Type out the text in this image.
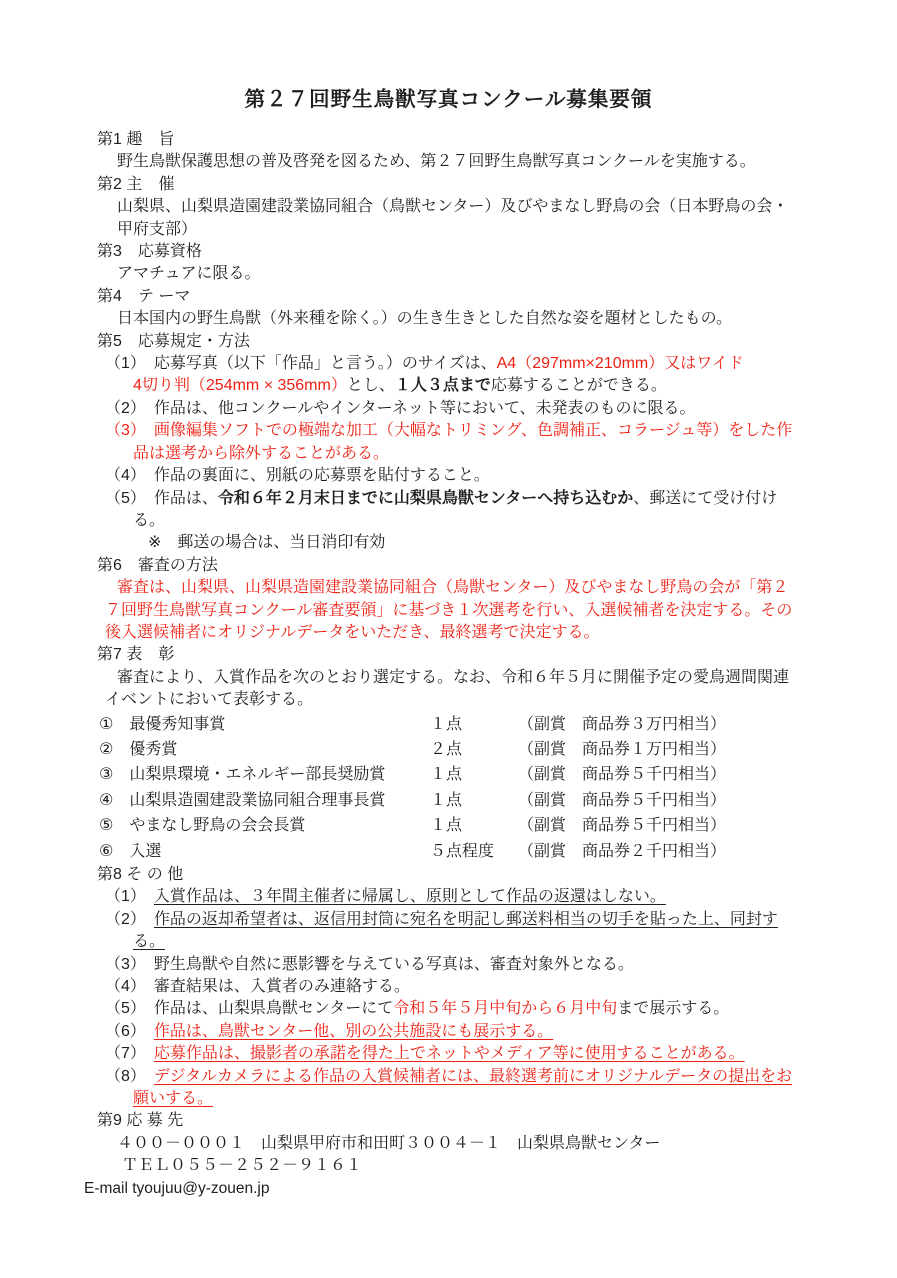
第２７回野生鳥獣写真コンクール募集要領
第1 趣　旨
野生鳥獣保護思想の普及啓発を図るため、第２７回野生鳥獣写真コンクールを実施する。
第2 主　催
山梨県、山梨県造園建設業協同組合（鳥獣センター）及びやまなし野鳥の会（日本野鳥の会・
甲府支部）
第3　応募資格
アマチュアに限る。
第4　テ ーマ
日本国内の野生鳥獣（外来種を除く。）の生き生きとした自然な姿を題材としたもの。
第5　応募規定・方法
（1）　応募写真（以下「作品」と言う。）のサイズは、A4（297mm×210mm）又はワイド
4切り判（254mm × 356mm）とし、１人３点まで応募することができる。
（2）　作品は、他コンクールやインターネット等において、未発表のものに限る。
（3）　画像編集ソフトでの極端な加工（大幅なトリミング、色調補正、コラージュ等）をした作
品は選考から除外することがある。
（4）　作品の裏面に、別紙の応募票を貼付すること。
（5）　作品は、令和６年２月末日までに山梨県鳥獣センターへ持ち込むか、郵送にて受け付け
る。
※　郵送の場合は、当日消印有効
第6　審査の方法
審査は、山梨県、山梨県造園建設業協同組合（鳥獣センター）及びやまなし野鳥の会が「第２
７回野生鳥獣写真コンクール審査要領」に基づき１次選考を行い、入選候補者を決定する。その
後入選候補者にオリジナルデータをいただき、最終選考で決定する。
第7 表　彰
審査により、入賞作品を次のとおり選定する。なお、令和６年５月に開催予定の愛鳥週間関連
イベントにおいて表彰する。
①　最優秀知事賞	１点	（副賞　商品券３万円相当）
②　優秀賞	２点	（副賞　商品券１万円相当）
③　山梨県環境・エネルギー部長奨励賞	１点	（副賞　商品券５千円相当）
④　山梨県造園建設業協同組合理事長賞	１点	（副賞　商品券５千円相当）
⑤　やまなし野鳥の会会長賞	１点	（副賞　商品券５千円相当）
⑥　入選	５点程度	（副賞　商品券２千円相当）
第8 そ の 他
（1）　入賞作品は、３年間主催者に帰属し、原則として作品の返還はしない。
（2）　作品の返却希望者は、返信用封筒に宛名を明記し郵送料相当の切手を貼った上、同封す
る。
（3）　野生鳥獣や自然に悪影響を与えている写真は、審査対象外となる。
（4）　審査結果は、入賞者のみ連絡する。
（5）　作品は、山梨県鳥獣センターにて令和５年５月中旬から６月中旬まで展示する。
（6）　作品は、鳥獣センター他、別の公共施設にも展示する。
（7）　応募作品は、撮影者の承諾を得た上でネットやメディア等に使用することがある。
（8）　デジタルカメラによる作品の入賞候補者には、最終選考前にオリジナルデータの提出をお
願いする。
第9 応 募 先
４００－０００１　山梨県甲府市和田町３００４－１　山梨県鳥獣センター
ＴＥＬ０５５－２５２－９１６１
E-mail tyoujuu@y-zouen.jp
